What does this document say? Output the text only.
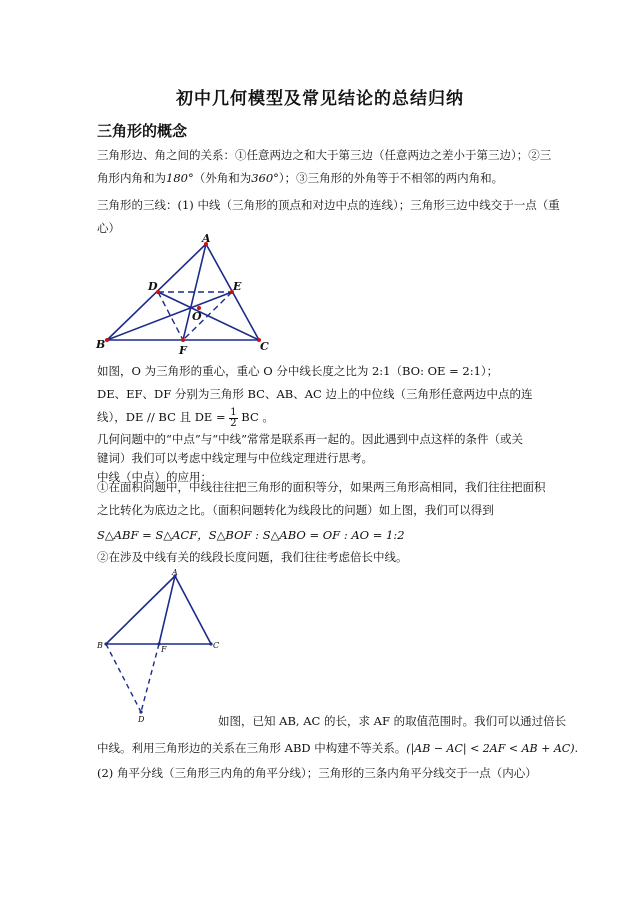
初中几何模型及常见结论的总结归纳
三角形的概念
三角形边、角之间的关系：①任意两边之和大于第三边（任意两边之差小于第三边）；②三
角形内角和为180°（外角和为360°）；③三角形的外角等于不相邻的两内角和。
三角形的三线：(1) 中线（三角形的顶点和对边中点的连线）；三角形三边中线交于一点（重
心）
A
B	C
D	E
F
O
如图，O 为三角形的重心，重心 O 分中线长度之比为 2:1（BO: OE = 2:1）；
DE、EF、DF 分别为三角形 BC、AB、AC 边上的中位线（三角形任意两边中点的连
线），DE // BC 且 DE = $\frac{1}{2}$ BC 。
几何问题中的“中点”与“中线”常常是联系再一起的。因此遇到中点这样的条件（或关
键词）我们可以考虑中线定理与中位线定理进行思考。
中线（中点）的应用：
①在面积问题中，中线往往把三角形的面积等分，如果两三角形高相同，我们往往把面积
之比转化为底边之比。（面积问题转化为线段比的问题）如上图，我们可以得到
S△ABF = S△ACF，S△BOF : S△ABO = OF : AO = 1:2
②在涉及中线有关的线段长度问题，我们往往考虑倍长中线。
A
B	C
F
D	如图，已知 AB, AC 的长，求 AF 的取值范围时。我们可以通过倍长
中线。利用三角形边的关系在三角形 ABD 中构建不等关系。(|AB − AC| < 2AF < AB + AC).
(2) 角平分线（三角形三内角的角平分线）；三角形的三条内角平分线交于一点（内心）
